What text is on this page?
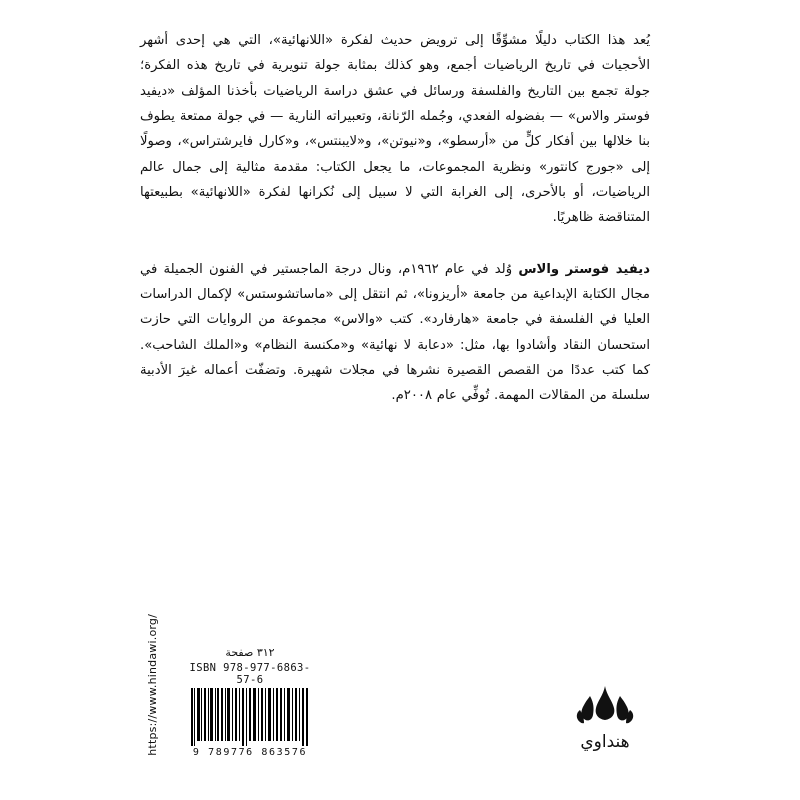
يُعد هذا الكتاب دليلًا مشوِّقًا إلى ترويض حديث لفكرة «اللانهائية»، التي هي إحدى أشهر الأحجيات في تاريخ الرياضيات أجمع، وهو كذلك بمثابة جولة تنويرية في تاريخ هذه الفكرة؛ جولة تجمع بين التاريخ والفلسفة ورسائل في عشق دراسة الرياضيات بأخذنا المؤلف «ديفيد فوستر والاس» — بفضوله الفعدي، وجُمله الرّنانة، وتعبيراته النارية — في جولة ممتعة يطوف بنا خلالها بين أفكار كلٍّ من «أرسطو»، و«نيوتن»، و«لايبنتس»، و«كارل فايرشتراس»، وصولًا إلى «جورج كانتور» ونظرية المجموعات، ما يجعل الكتاب: مقدمة مثالية إلى جمال عالم الرياضيات، أو بالأحرى، إلى الغرابة التي لا سبيل إلى نُكرانها لفكرة «اللانهائية» بطبيعتها المتناقضة ظاهريًا.

ديفيد فوستر والاس وُلد في عام ١٩٦٢م، ونال درجة الماجستير في الفنون الجميلة في مجال الكتابة الإبداعية من جامعة «أريزونا»، ثم انتقل إلى «ماساتشوستس» لإكمال الدراسات العليا في الفلسفة في جامعة «هارفارد». كتب «والاس» مجموعة من الروايات التي حازت استحسان النقاد وأشادوا بها، مثل: «دعابة لا نهائية» و«مكنسة النظام» و«الملك الشاحب». كما كتب عددًا من القصص القصيرة نشرها في مجلات شهيرة. وتضفّت أعماله غيرَ الأدبية سلسلة من المقالات المهمة. تُوفِّي عام ٢٠٠٨م.

https://www.hindawi.org/	٣١٢ صفحة
ISBN 978-977-6863-57-6
9 789776 863576
هنداوي
